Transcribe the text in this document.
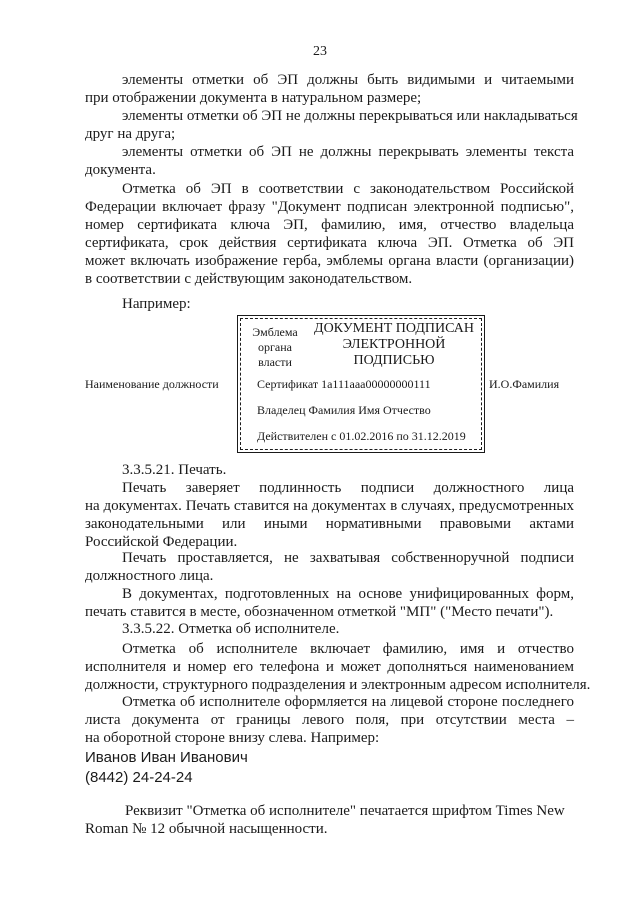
23
элементы отметки об ЭП должны быть видимыми и читаемыми
при отображении документа в натуральном размере;
элементы отметки об ЭП не должны перекрываться или накладываться
друг на друга;
элементы отметки об ЭП не должны перекрывать элементы текста
документа.
Отметка об ЭП в соответствии с законодательством Российской
Федерации включает фразу "Документ подписан электронной подписью",
номер сертификата ключа ЭП, фамилию, имя, отчество владельца
сертификата, срок действия сертификата ключа ЭП. Отметка об ЭП
может включать изображение герба, эмблемы органа власти (организации)
в соответствии с действующим законодательством.
Например:
Эмблема
органа
власти
ДОКУМЕНТ ПОДПИСАН
ЭЛЕКТРОННОЙ
ПОДПИСЬЮ
Сертификат 1a111aaa00000000111
Владелец Фамилия Имя Отчество
Действителен с 01.02.2016 по 31.12.2019
Наименование должности	И.О.Фамилия
3.3.5.21. Печать.
Печать заверяет подлинность подписи должностного лица
на документах. Печать ставится на документах в случаях, предусмотренных
законодательными или иными нормативными правовыми актами
Российской Федерации.
Печать проставляется, не захватывая собственноручной подписи
должностного лица.
В документах, подготовленных на основе унифицированных форм,
печать ставится в месте, обозначенном отметкой "МП" ("Место печати").
3.3.5.22. Отметка об исполнителе.
Отметка об исполнителе включает фамилию, имя и отчество
исполнителя и номер его телефона и может дополняться наименованием
должности, структурного подразделения и электронным адресом исполнителя.
Отметка об исполнителе оформляется на лицевой стороне последнего
листа документа от границы левого поля, при отсутствии места –
на оборотной стороне внизу слева. Например:
Иванов Иван Иванович
(8442) 24-24-24
Реквизит "Отметка об исполнителе" печатается шрифтом Times New
Roman № 12 обычной насыщенности.
